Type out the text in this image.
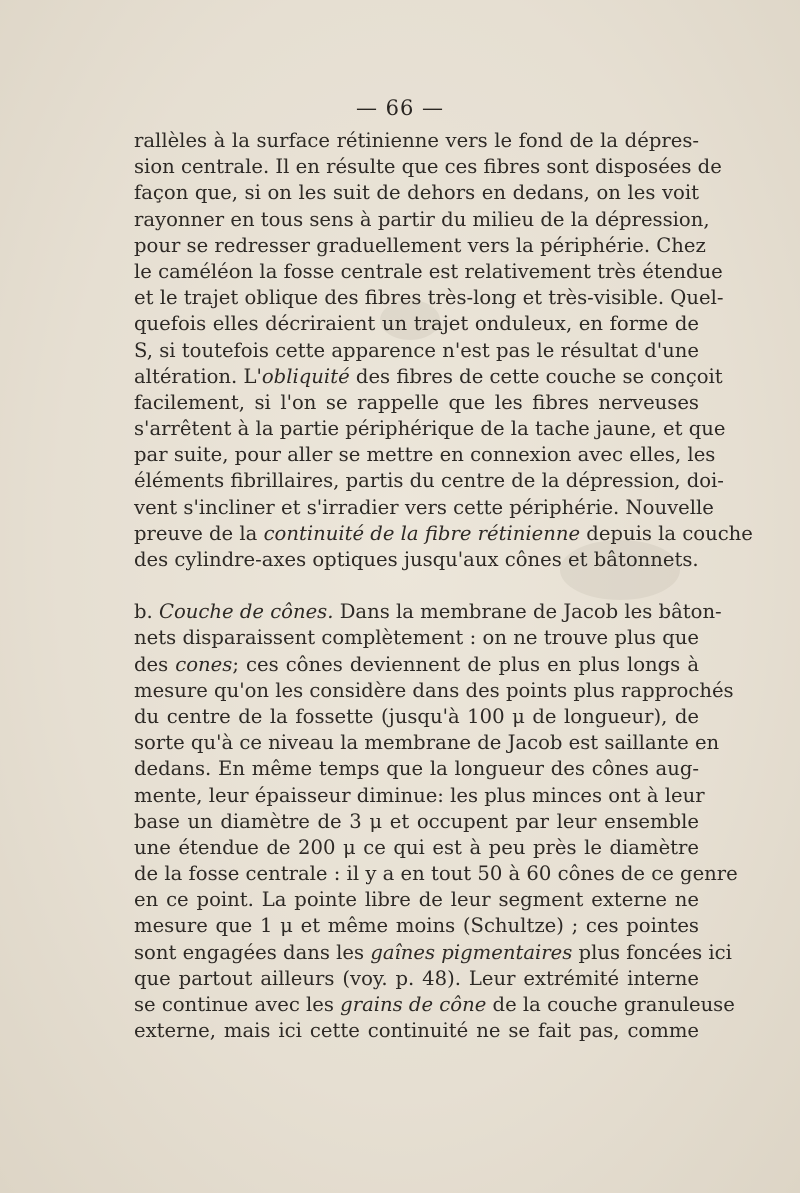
— 66 —
rallèles à la surface rétinienne vers le fond de la dépres-
sion centrale. Il en résulte que ces fibres sont disposées de
façon que, si on les suit de dehors en dedans, on les voit
rayonner en tous sens à partir du milieu de la dépression,
pour se redresser graduellement vers la périphérie. Chez
le caméléon la fosse centrale est relativement très étendue
et le trajet oblique des fibres très-long et très-visible. Quel-
quefois elles décriraient un trajet onduleux, en forme de
S, si toutefois cette apparence n'est pas le résultat d'une
altération. L'obliquité des fibres de cette couche se conçoit
facilement, si l'on se rappelle que les fibres nerveuses
s'arrêtent à la partie périphérique de la tache jaune, et que
par suite, pour aller se mettre en connexion avec elles, les
éléments fibrillaires, partis du centre de la dépression, doi-
vent s'incliner et s'irradier vers cette périphérie. Nouvelle
preuve de la continuité de la fibre rétinienne depuis la couche
des cylindre-axes optiques jusqu'aux cônes et bâtonnets.
b. Couche de cônes. Dans la membrane de Jacob les bâton-
nets disparaissent complètement : on ne trouve plus que
des cones; ces cônes deviennent de plus en plus longs à
mesure qu'on les considère dans des points plus rapprochés
du centre de la fossette (jusqu'à 100 μ de longueur), de
sorte qu'à ce niveau la membrane de Jacob est saillante en
dedans. En même temps que la longueur des cônes aug-
mente, leur épaisseur diminue: les plus minces ont à leur
base un diamètre de 3 μ et occupent par leur ensemble
une étendue de 200 μ ce qui est à peu près le diamètre
de la fosse centrale : il y a en tout 50 à 60 cônes de ce genre
en ce point. La pointe libre de leur segment externe ne
mesure que 1 μ et même moins (Schultze) ; ces pointes
sont engagées dans les gaînes pigmentaires plus foncées ici
que partout ailleurs (voy. p. 48). Leur extrémité interne
se continue avec les grains de cône de la couche granuleuse
externe, mais ici cette continuité ne se fait pas, comme
